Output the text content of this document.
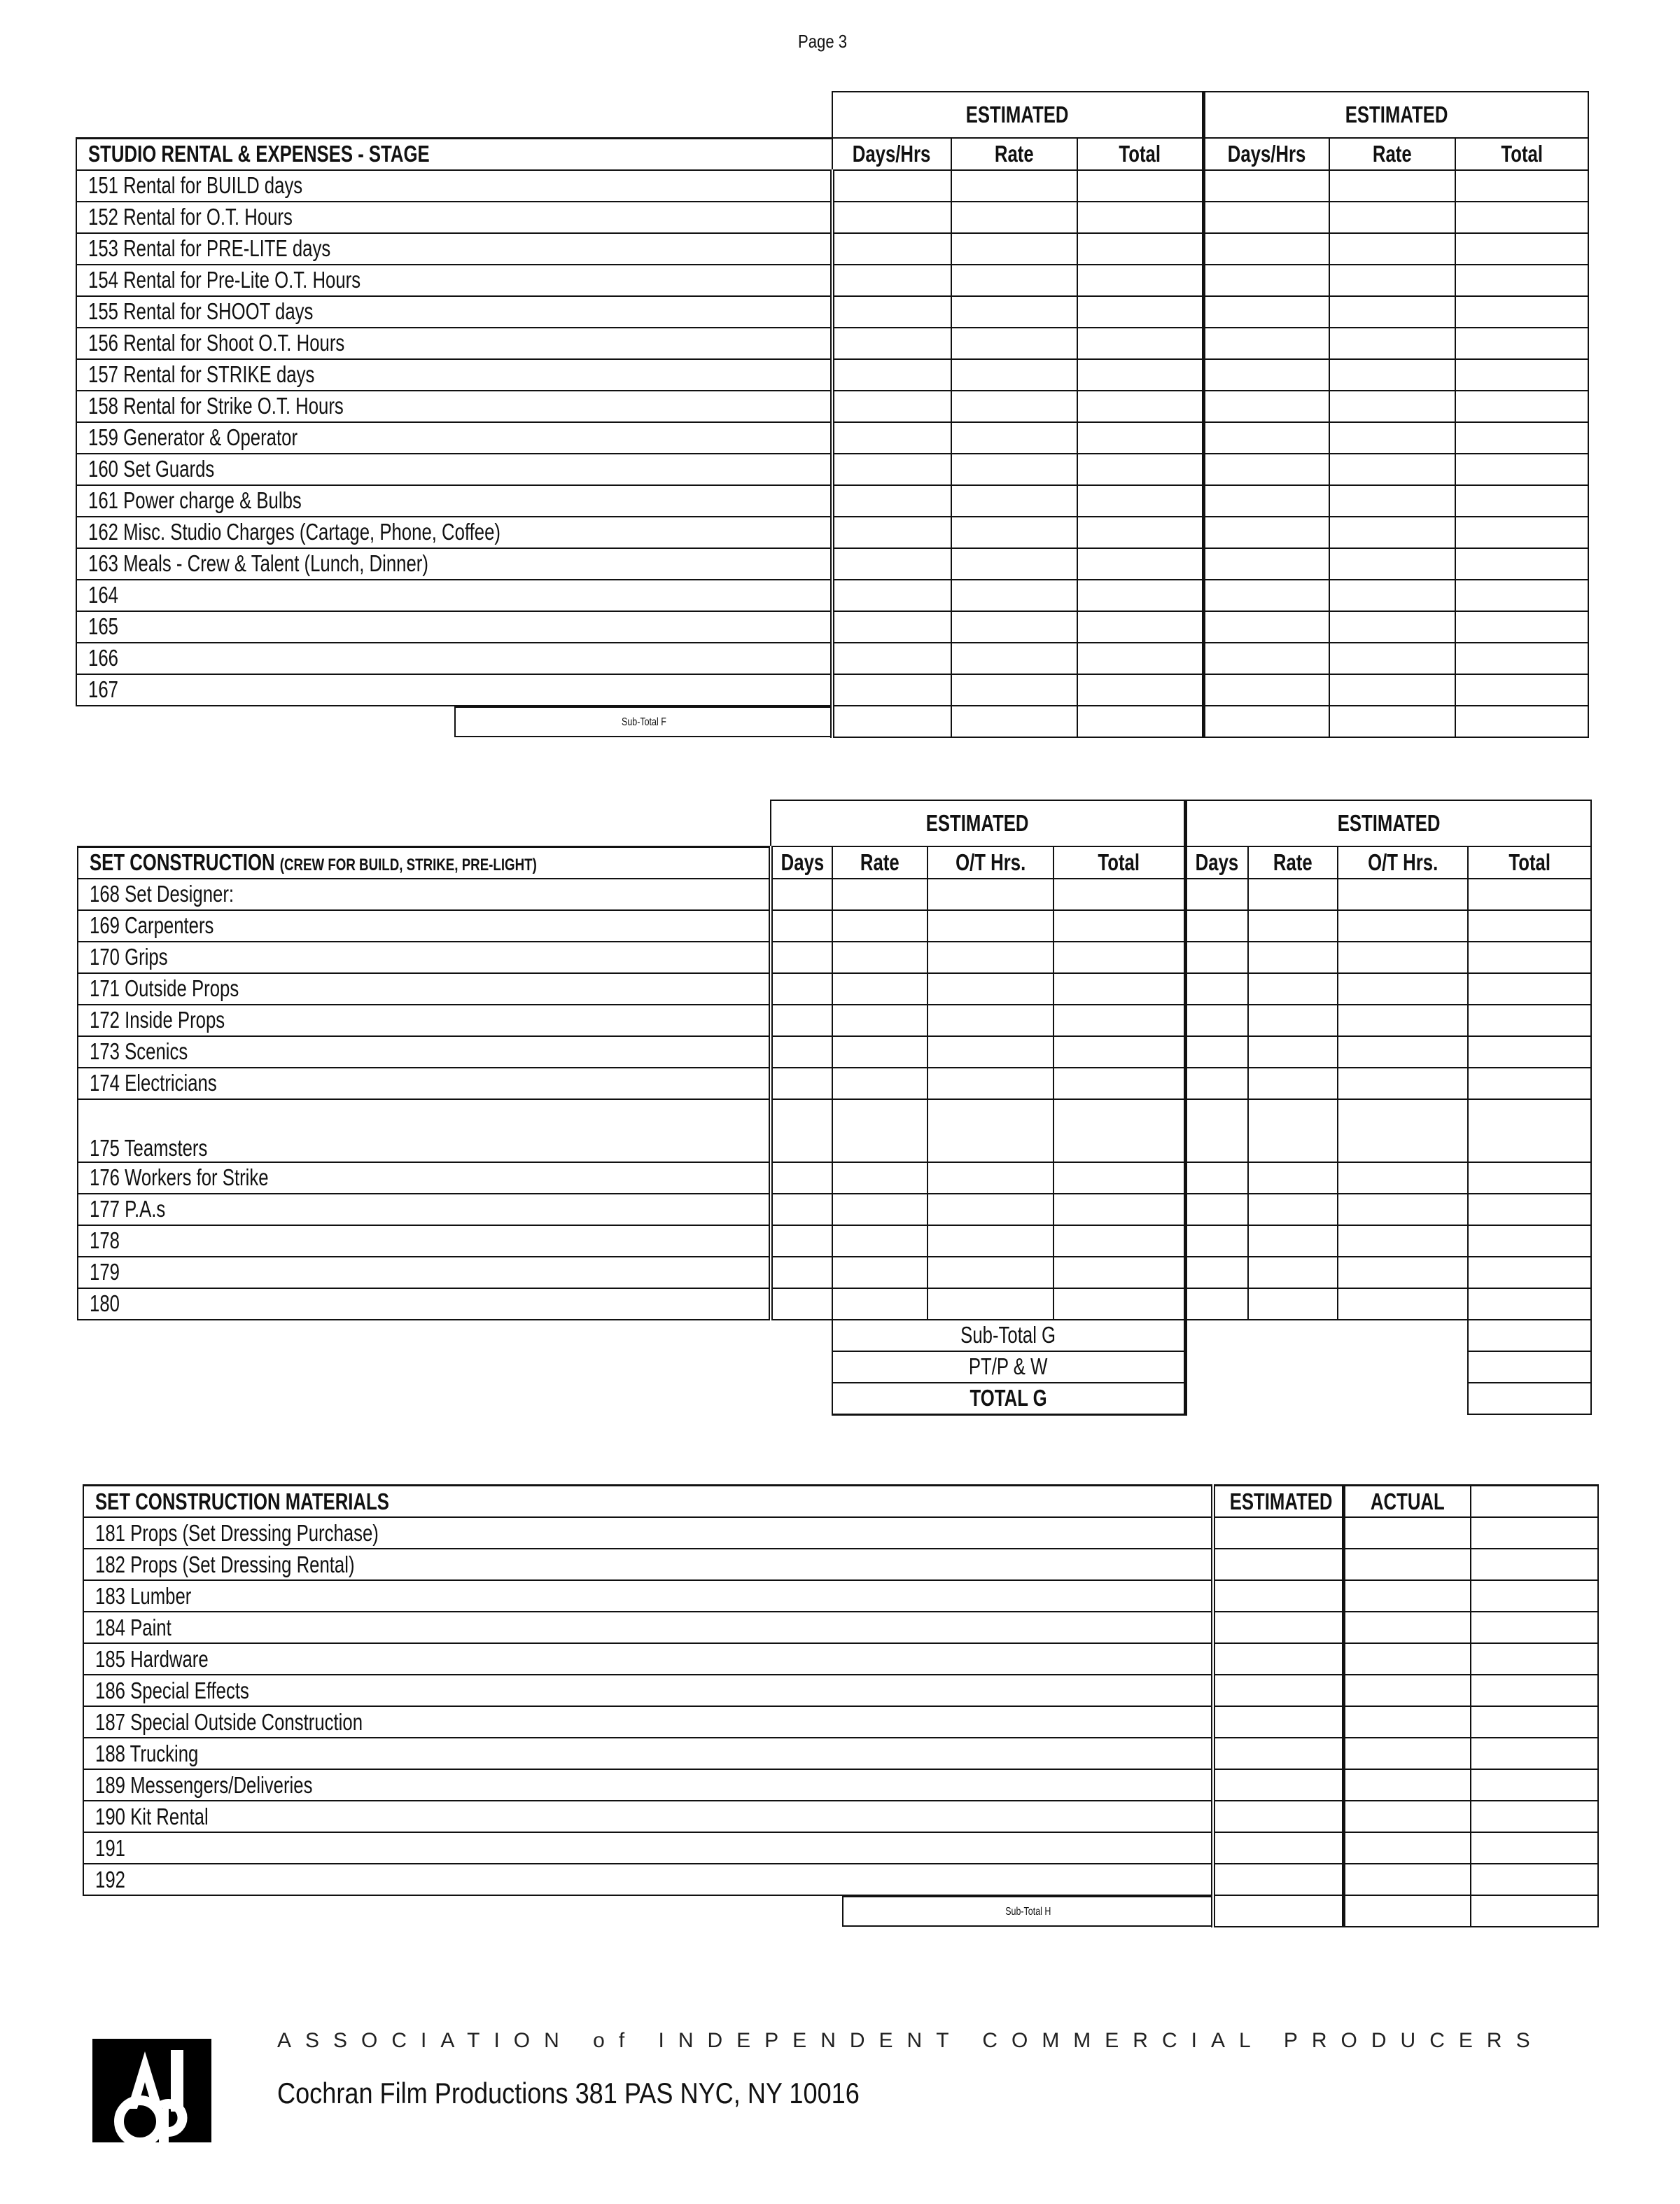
Page 3
	ESTIMATED			ESTIMATED		
STUDIO RENTAL & EXPENSES - STAGE	Days/Hrs	Rate	Total	Days/Hrs	Rate	Total
151 Rental for BUILD days						
152 Rental for O.T. Hours						
153 Rental for PRE-LITE days						
154 Rental for Pre-Lite O.T. Hours						
155 Rental for SHOOT days						
156 Rental for Shoot O.T. Hours						
157 Rental for STRIKE days						
158 Rental for Strike O.T. Hours						
159 Generator & Operator						
160 Set Guards						
161 Power charge & Bulbs						
162 Misc. Studio Charges (Cartage, Phone, Coffee)						
163 Meals - Crew & Talent (Lunch, Dinner)						
164						
165						
166						
167						

Sub-Total F						

	ESTIMATED				ESTIMATED			
SET CONSTRUCTION (CREW FOR BUILD, STRIKE, PRE-LIGHT)	Days	Rate	O/T Hrs.	Total	Days	Rate	O/T Hrs.	Total
168 Set Designer:								
169 Carpenters								
170 Grips								
171 Outside Props								
172 Inside Props								
173 Scenics								
174 Electricians								
175 Teamsters								
176 Workers for Strike								
177 P.A.s								
178								
179								
180								
		Sub-Total G						
		PT/P & W						
		TOTAL G						
SET CONSTRUCTION MATERIALS	ESTIMATED	ACTUAL	
181 Props (Set Dressing Purchase)			
182 Props (Set Dressing Rental)			
183 Lumber			
184 Paint			
185 Hardware			
186 Special Effects			
187 Special Outside Construction			
188 Trucking			
189 Messengers/Deliveries			
190 Kit Rental			
191			
192			

Sub-Total H			

ASSOCIATION of INDEPENDENT COMMERCIAL PRODUCERS
Cochran Film Productions 381 PAS NYC, NY 10016
